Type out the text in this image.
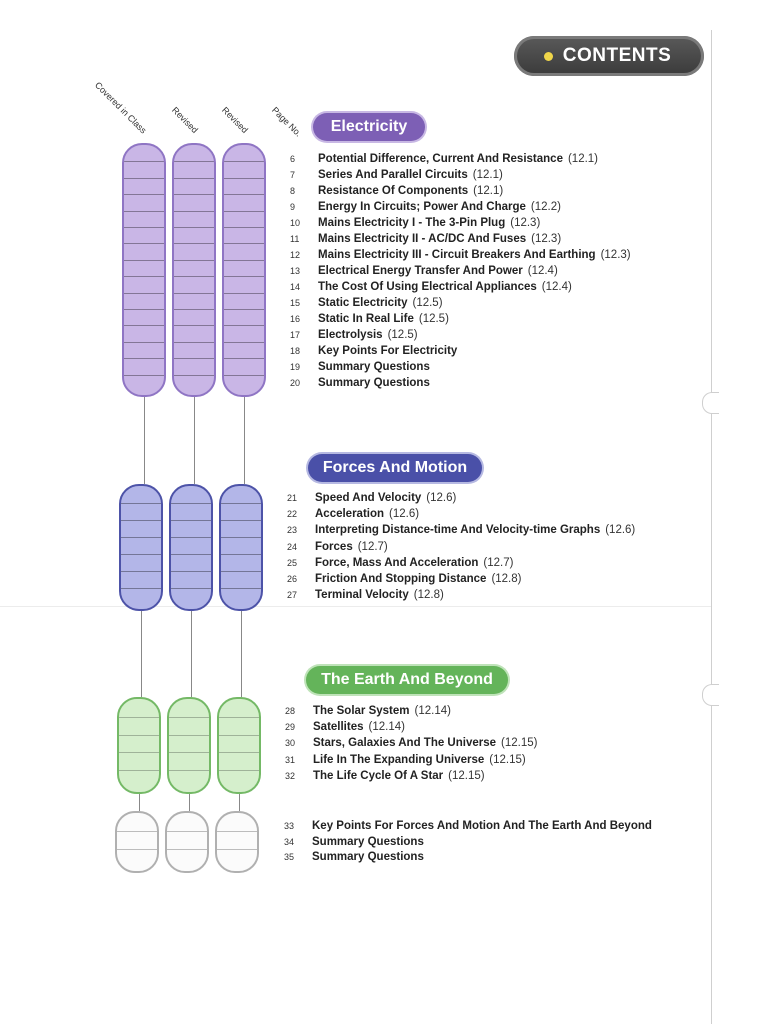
CONTENTS
Covered in Class Revised Revised Page No.	Electricity
Forces And Motion
The Earth And Beyond
6	Potential Difference, Current And Resistance (12.1)
7	Series And Parallel Circuits (12.1)
8	Resistance Of Components (12.1)
9	Energy In Circuits; Power And Charge (12.2)
10	Mains Electricity I - The 3-Pin Plug (12.3)
11	Mains Electricity II - AC/DC And Fuses (12.3)
12	Mains Electricity III - Circuit Breakers And Earthing (12.3)
13	Electrical Energy Transfer And Power (12.4)
14	The Cost Of Using Electrical Appliances (12.4)
15	Static Electricity (12.5)
16	Static In Real Life (12.5)
17	Electrolysis (12.5)
18	Key Points For Electricity
19	Summary Questions
20	Summary Questions
21	Speed And Velocity (12.6)
22	Acceleration (12.6)
23	Interpreting Distance-time And Velocity-time Graphs (12.6)
24	Forces (12.7)
25	Force, Mass And Acceleration (12.7)
26	Friction And Stopping Distance (12.8)
27	Terminal Velocity (12.8)
28	The Solar System (12.14)
29	Satellites (12.14)
30	Stars, Galaxies And The Universe (12.15)
31	Life In The Expanding Universe (12.15)
32	The Life Cycle Of A Star (12.15)
33	Key Points For Forces And Motion And The Earth And Beyond
34	Summary Questions
35	Summary Questions
